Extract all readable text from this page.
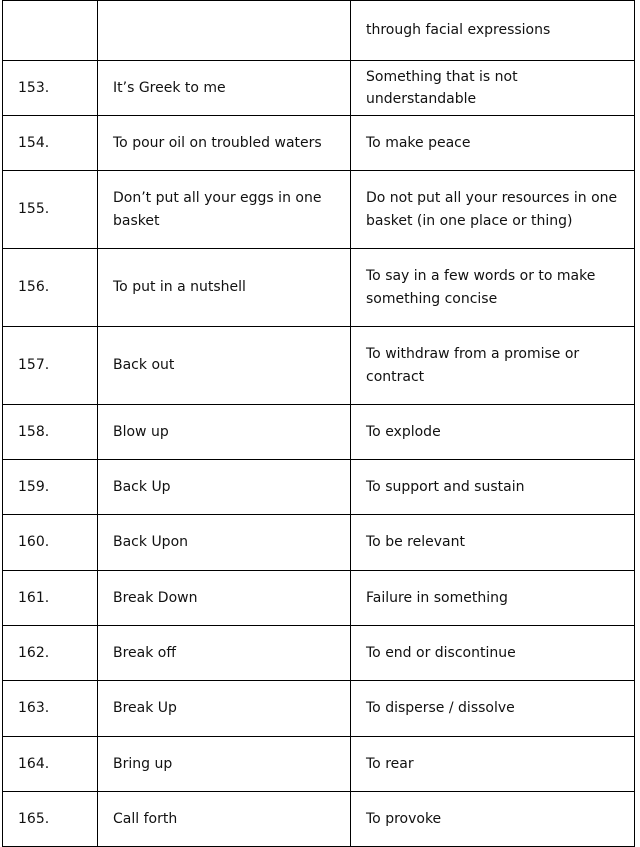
		through facial expressions
153.	It’s Greek to me	Something that is not understandable
154.	To pour oil on troubled waters	To make peace
155.	Don’t put all your eggs in one basket	Do not put all your resources in one basket (in one place or thing)
156.	To put in a nutshell	To say in a few words or to make something concise
157.	Back out	To withdraw from a promise or contract
158.	Blow up	To explode
159.	Back Up	To support and sustain
160.	Back Upon	To be relevant
161.	Break Down	Failure in something
162.	Break off	To end or discontinue
163.	Break Up	To disperse / dissolve
164.	Bring up	To rear
165.	Call forth	To provoke
